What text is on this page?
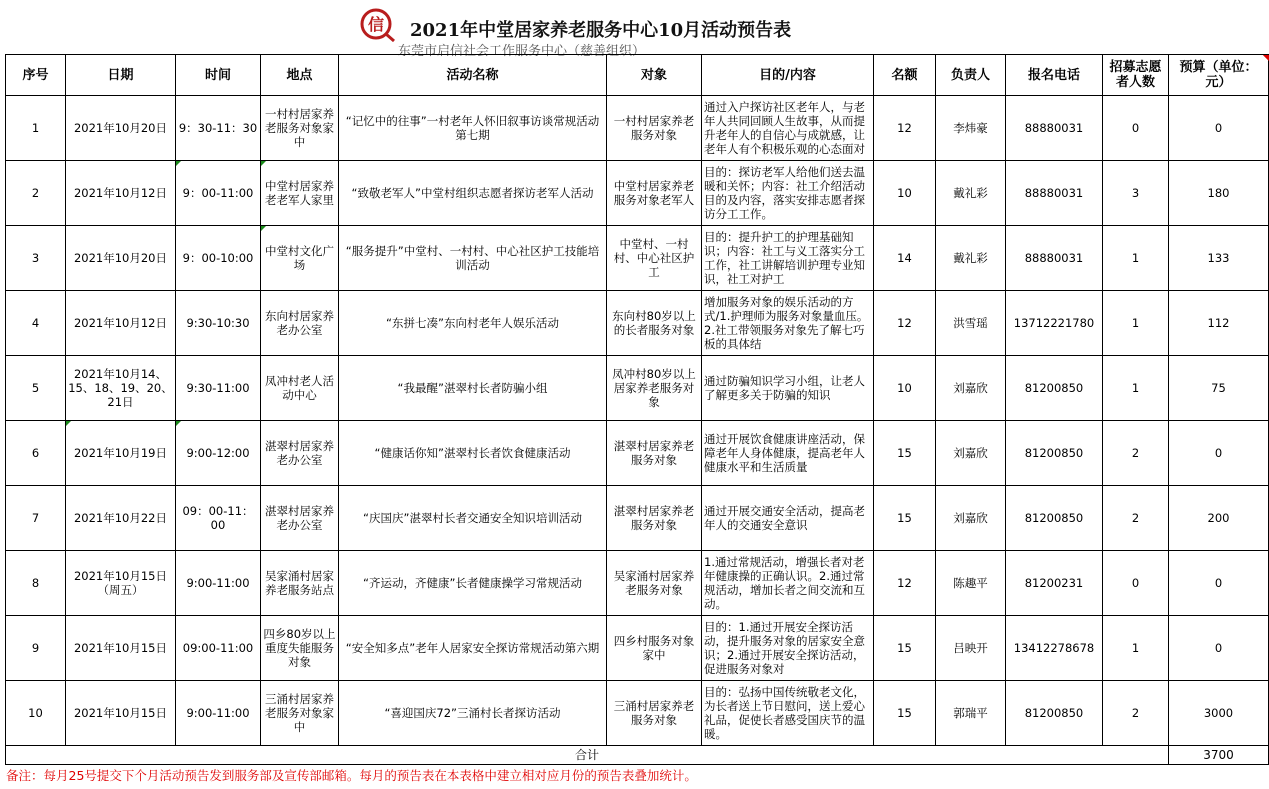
信 2021年中堂居家养老服务中心10月活动预告表
东莞市启信社会工作服务中心（慈善组织）
序号	日期	时间	地点	活动名称	对象	目的/内容	名额	负责人	报名电话	招募志愿者人数	预算（单位：元）

1	2021年10月20日	9：30-11：30	一村村居家养老服务对象家中	“记忆中的往事”一村老年人怀旧叙事访谈常规活动 第七期	一村村居家养老服务对象	通过入户探访社区老年人，与老年人共同回顾人生故事，从而提升老年人的自信心与成就感，让老年人有个积极乐观的心态面对	12	李炜豪	88880031	0	0

2	2021年10月12日	9：00-11:00	中堂村居家养老老军人家里	“致敬老军人”中堂村组织志愿者探访老军人活动	中堂村居家养老服务对象老军人	目的：探访老军人给他们送去温暖和关怀；内容：社工介绍活动目的及内容，落实安排志愿者探访分工工作。	10	戴礼彩	88880031	3	180

3	2021年10月20日	9：00-10:00	中堂村文化广场	“服务提升”中堂村、一村村、中心社区护工技能培训活动	中堂村、一村村、中心社区护工	目的：提升护工的护理基础知识；内容：社工与义工落实分工工作，社工讲解培训护理专业知识，社工对护工	14	戴礼彩	88880031	1	133

4	2021年10月12日	9:30-10:30	东向村居家养老办公室	“东拼七凑”东向村老年人娱乐活动	东向村80岁以上的长者服务对象	增加服务对象的娱乐活动的方式/1.护理师为服务对象量血压。2.社工带领服务对象先了解七巧板的具体结	12	洪雪瑶	13712221780	1	112

5	2021年10月14、15、18、19、20、21日	9:30-11:00	凤冲村老人活动中心	“我最醒”湛翠村长者防骗小组	凤冲村80岁以上居家养老服务对象	通过防骗知识学习小组，让老人了解更多关于防骗的知识	10	刘嘉欣	81200850	1	75

6	2021年10月19日	9:00-12:00	湛翠村居家养老办公室	“健康话你知”湛翠村长者饮食健康活动	湛翠村居家养老服务对象	通过开展饮食健康讲座活动，保障老年人身体健康，提高老年人健康水平和生活质量	15	刘嘉欣	81200850	2	0

7	2021年10月22日	09：00-11：00	湛翠村居家养老办公室	“庆国庆”湛翠村长者交通安全知识培训活动	湛翠村居家养老服务对象	通过开展交通安全活动，提高老年人的交通安全意识	15	刘嘉欣	81200850	2	200

8	2021年10月15日（周五）	9:00-11:00	吴家涌村居家养老服务站点	“齐运动，齐健康”长者健康操学习常规活动	吴家涌村居家养老服务对象	1.通过常规活动，增强长者对老年健康操的正确认识。2.通过常规活动，增加长者之间交流和互动。	12	陈趣平	81200231	0	0

9	2021年10月15日	09:00-11:00	四乡80岁以上重度失能服务对象	“安全知多点”老年人居家安全探访常规活动第六期	四乡村服务对象家中	目的：1.通过开展安全探访活动，提升服务对象的居家安全意识；2.通过开展安全探访活动，促进服务对象对	15	吕映开	13412278678	1	0

10	2021年10月15日	9:00-11:00	三涌村居家养老服务对象家中	“喜迎国庆72”三涌村长者探访活动	三涌村居家养老服务对象	目的：弘扬中国传统敬老文化，为长者送上节日慰问，送上爱心礼品，促使长者感受国庆节的温暖。	15	郭瑞平	81200850	2	3000

合计											3700
备注：每月25号提交下个月活动预告发到服务部及宣传部邮箱。每月的预告表在本表格中建立相对应月份的预告表叠加统计。
